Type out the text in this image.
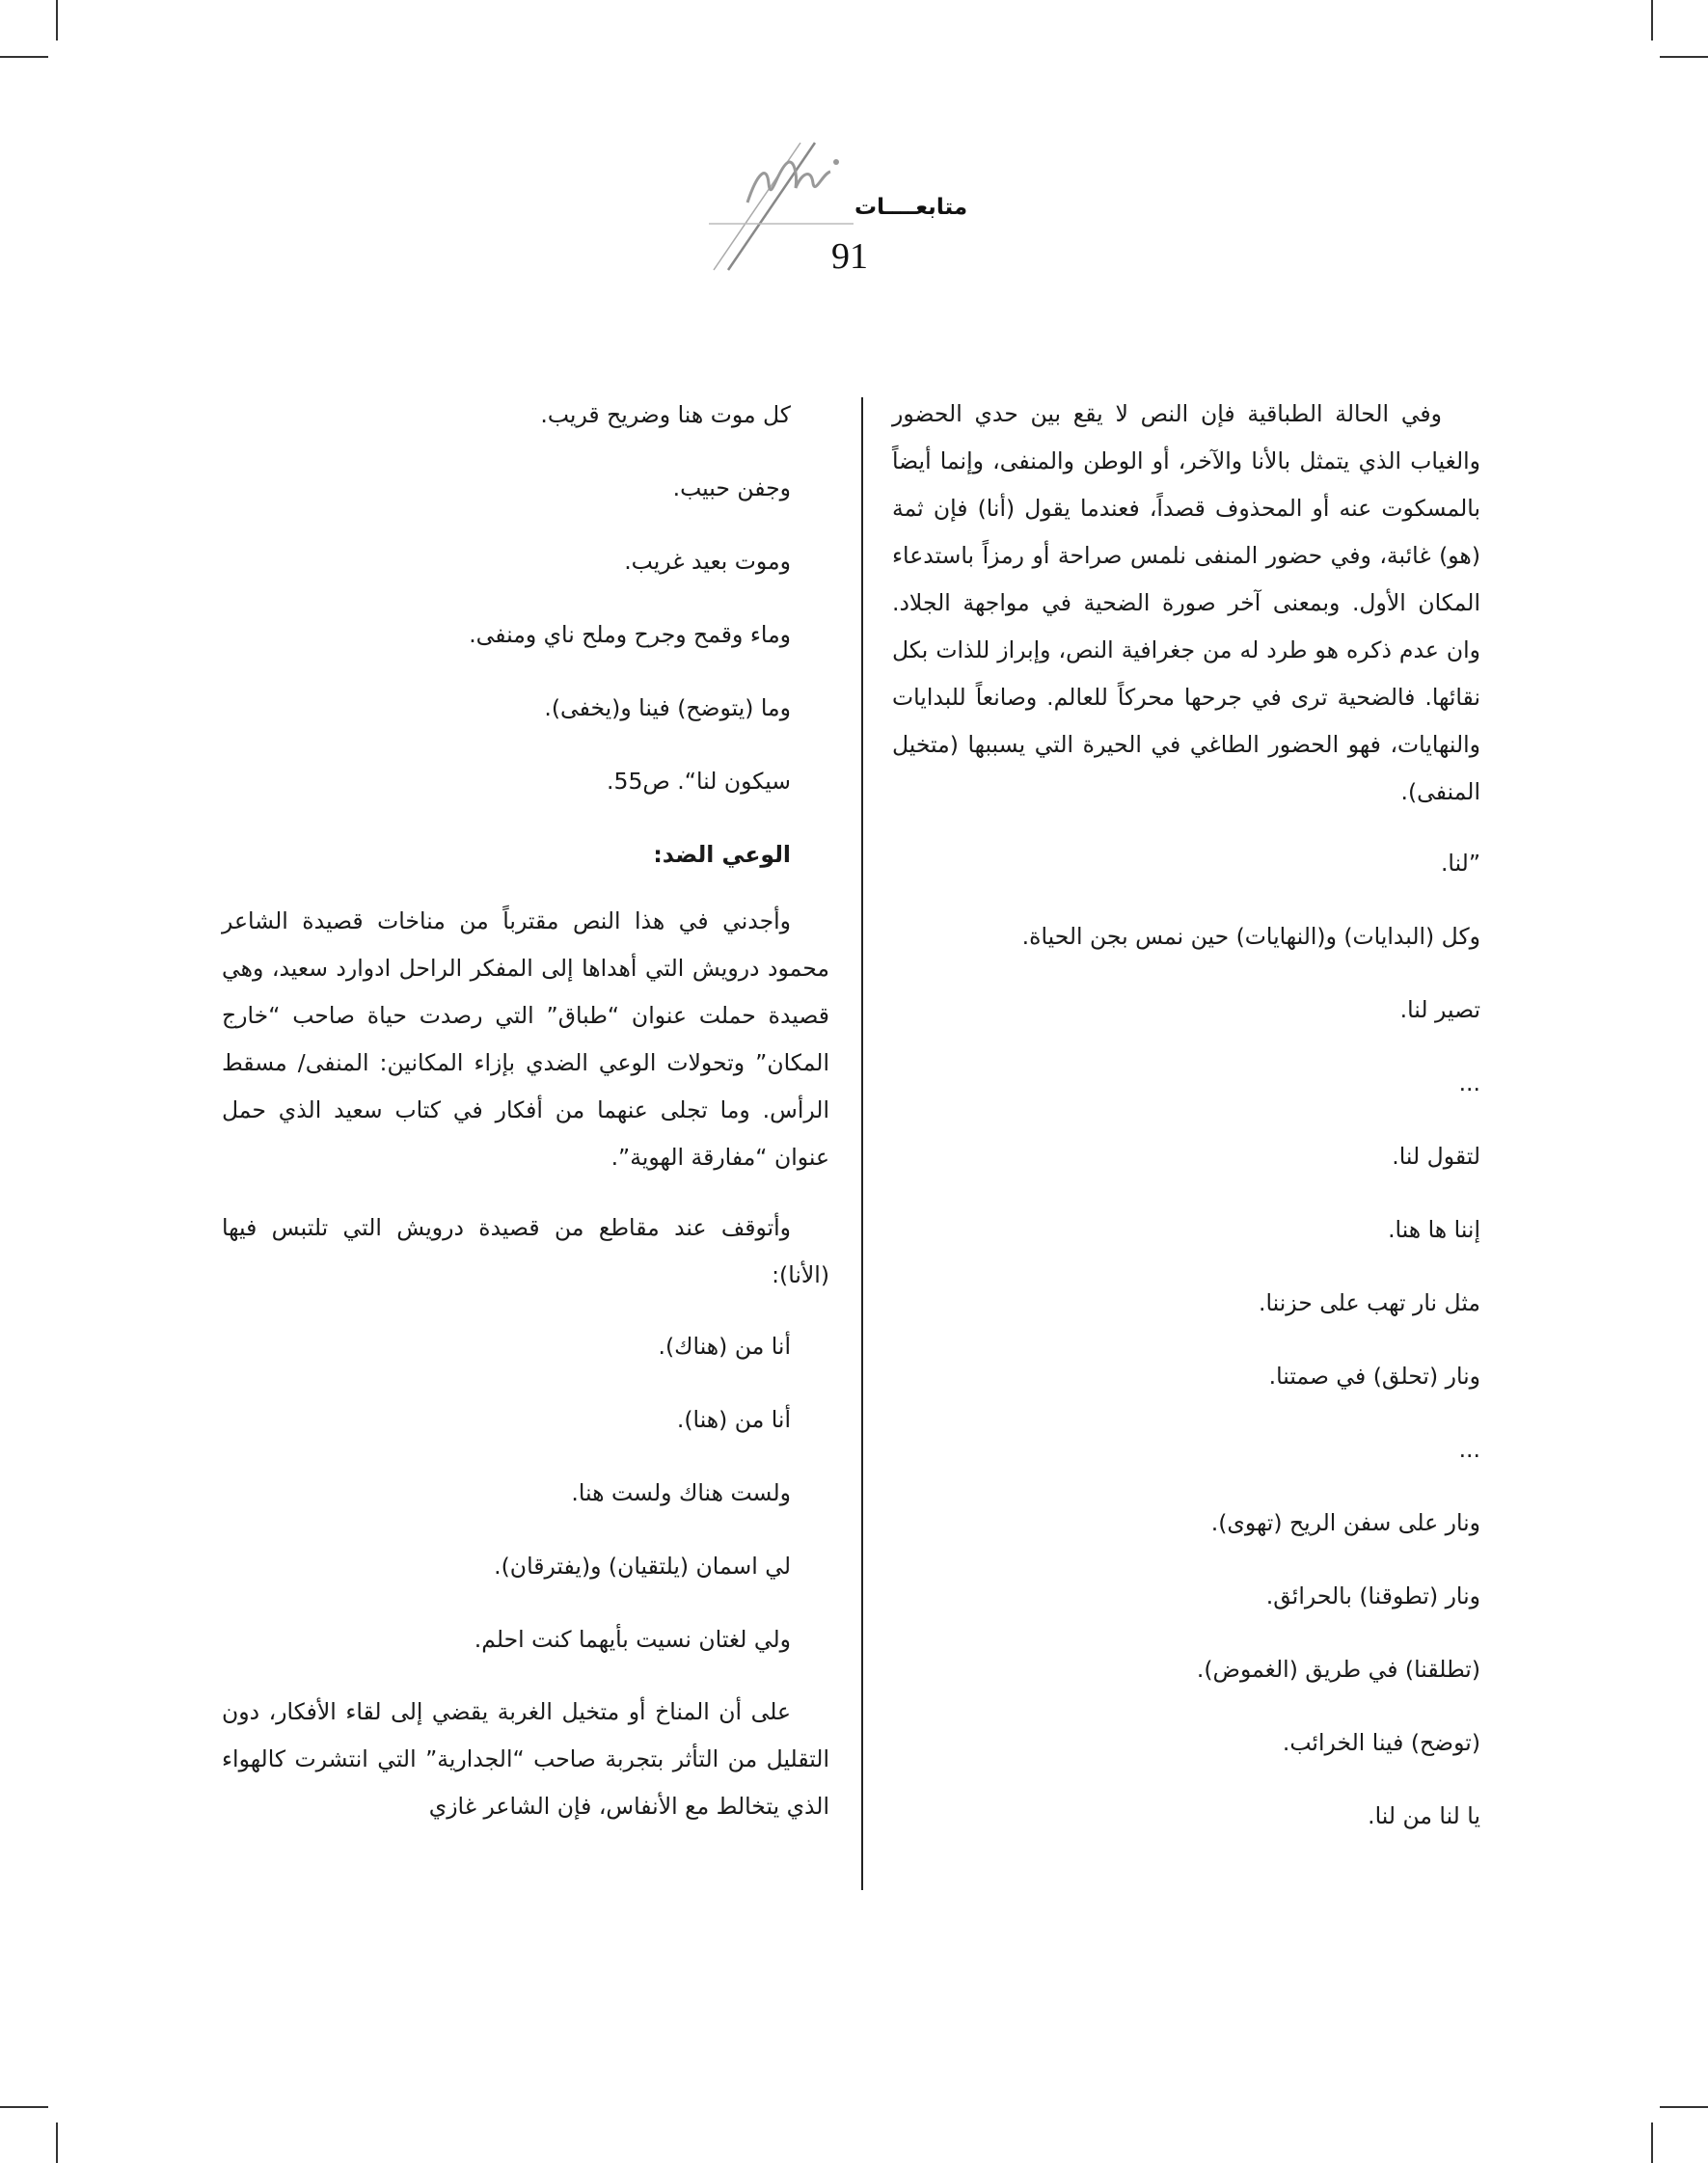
متابعــــات
91

وفي الحالة الطباقية فإن النص لا يقع بين حدي الحضور والغياب الذي يتمثل بالأنا والآخر، أو الوطن والمنفى، وإنما أيضاً بالمسكوت عنه أو المحذوف قصداً، فعندما يقول (أنا) فإن ثمة (هو) غائبة، وفي حضور المنفى نلمس صراحة أو رمزاً باستدعاء المكان الأول. وبمعنى آخر صورة الضحية في مواجهة الجلاد. وان عدم ذكره هو طرد له من جغرافية النص، وإبراز للذات بكل نقائها. فالضحية ترى في جرحها محركاً للعالم. وصانعاً للبدايات والنهايات، فهو الحضور الطاغي في الحيرة التي يسببها (متخيل المنفى).

”لنا.

وكل (البدايات) و(النهايات) حين نمس بجن الحياة.

تصير لنا.

...

لتقول لنا.

إننا ها هنا.

مثل نار تهب على حزننا.

ونار (تحلق) في صمتنا.

...

ونار على سفن الريح (تهوى).

ونار (تطوقنا) بالحرائق.

(تطلقنا) في طريق (الغموض).

(توضح) فينا الخرائب.

يا لنا من لنا.

كل موت هنا وضريح قريب.

وجفن حبيب.

وموت بعيد غريب.

وماء وقمح وجرح وملح ناي ومنفى.

وما (يتوضح) فينا و(يخفى).

سيكون لنا“. ص55.

الوعي الضد:

وأجدني في هذا النص مقترباً من مناخات قصيدة الشاعر محمود درويش التي أهداها إلى المفكر الراحل ادوارد سعيد، وهي قصيدة حملت عنوان “طباق” التي رصدت حياة صاحب “خارج المكان” وتحولات الوعي الضدي بإزاء المكانين: المنفى/ مسقط الرأس. وما تجلى عنهما من أفكار في كتاب سعيد الذي حمل عنوان “مفارقة الهوية”.

وأتوقف عند مقاطع من قصيدة درويش التي تلتبس فيها (الأنا):

أنا من (هناك).

أنا من (هنا).

ولست هناك ولست هنا.

لي اسمان (يلتقيان) و(يفترقان).

ولي لغتان نسيت بأيهما كنت احلم.

على أن المناخ أو متخيل الغربة يقضي إلى لقاء الأفكار، دون التقليل من التأثر بتجربة صاحب “الجدارية” التي انتشرت كالهواء الذي يتخالط مع الأنفاس، فإن الشاعر غازي
